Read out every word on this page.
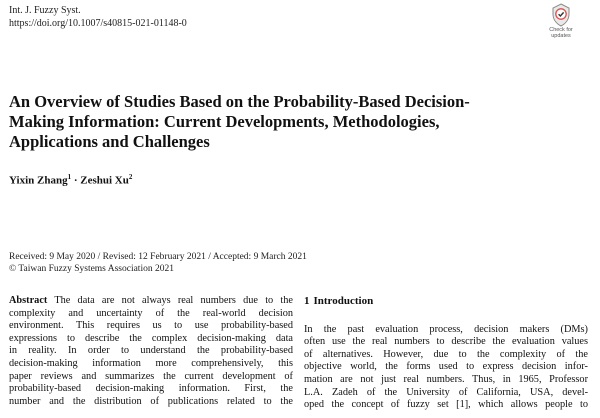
Int. J. Fuzzy Syst.
https://doi.org/10.1007/s40815-021-01148-0
Check for
updates
An Overview of Studies Based on the Probability-Based Decision-
Making Information: Current Developments, Methodologies,
Applications and Challenges
Yixin Zhang$^1$ · Zeshui Xu$^2$
Received: 9 May 2020 / Revised: 12 February 2021 / Accepted: 9 March 2021
© Taiwan Fuzzy Systems Association 2021
Abstract The data are not always real numbers due to the
complexity and uncertainty of the real-world decision
environment. This requires us to use probability-based
expressions to describe the complex decision-making data
in reality. In order to understand the probability-based
decision-making information more comprehensively, this
paper reviews and summarizes the current development of
probability-based decision-making information. First, the
number and the distribution of publications related to the
1 Introduction
In the past evaluation process, decision makers (DMs)
often use the real numbers to describe the evaluation values
of alternatives. However, due to the complexity of the
objective world, the forms used to express decision infor-
mation are not just real numbers. Thus, in 1965, Professor
L.A. Zadeh of the University of California, USA, devel-
oped the concept of fuzzy set [1], which allows people to
